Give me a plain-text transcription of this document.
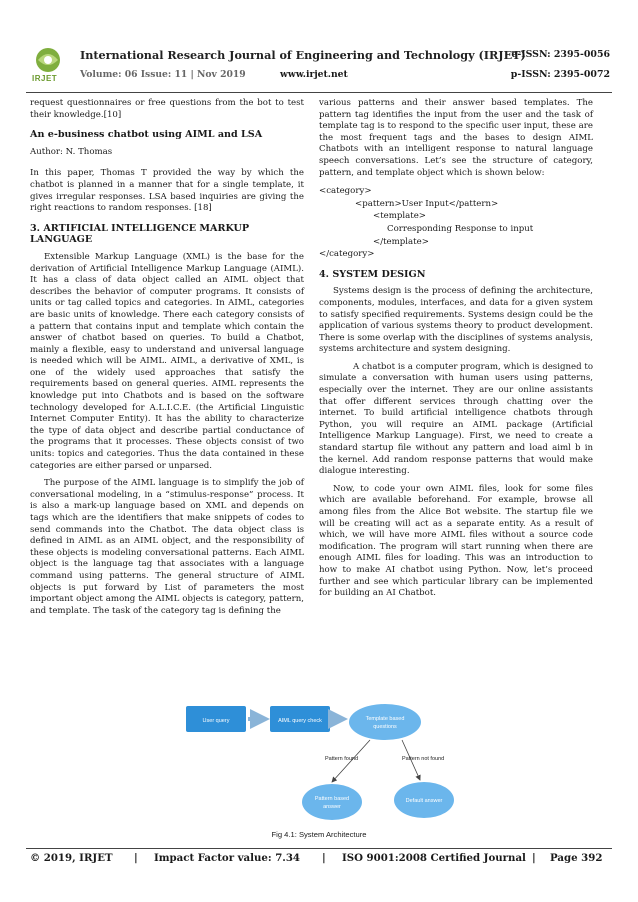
IRJET
International Research Journal of Engineering and Technology (IRJET)
e-ISSN: 2395-0056
Volume: 06 Issue: 11 | Nov 2019	www.irjet.net	p-ISSN: 2395-0072

request questionnaires or free questions from the bot to test their knowledge.[10]

An e-business chatbot using AIML and LSA

Author: N. Thomas

In this paper, Thomas T provided the way by which the chatbot is planned in a manner that for a single template, it gives irregular responses. LSA based inquiries are giving the right reactions to random responses. [18]

3. ARTIFICIAL INTELLIGENCE MARKUP LANGUAGE

Extensible Markup Language (XML) is the base for the derivation of Artificial Intelligence Markup Language (AIML). It has a class of data object called an AIML object that describes the behavior of computer programs. It consists of units or tag called topics and categories. In AIML, categories are basic units of knowledge. There each category consists of a pattern that contains input and template which contain the answer of chatbot based on queries. To build a Chatbot, mainly a flexible, easy to understand and universal language is needed which will be AIML. AIML, a derivative of XML, is one of the widely used approaches that satisfy the requirements based on general queries. AIML represents the knowledge put into Chatbots and is based on the software technology developed for A.L.I.C.E. (the Artificial Linguistic Internet Computer Entity). It has the ability to characterize the type of data object and describe partial conductance of the programs that it processes. These objects consist of two units: topics and categories. Thus the data contained in these categories are either parsed or unparsed.

The purpose of the AIML language is to simplify the job of conversational modeling, in a “stimulus-response” process. It is also a mark-up language based on XML and depends on tags which are the identifiers that make snippets of codes to send commands into the Chatbot. The data object class is defined in AIML as an AIML object, and the responsibility of these objects is modeling conversational patterns. Each AIML object is the language tag that associates with a language command using patterns. The general structure of AIML objects is put forward by List of parameters the most important object among the AIML objects is category, pattern, and template. The task of the category tag is defining the

various patterns and their answer based templates. The pattern tag identifies the input from the user and the task of template tag is to respond to the specific user input, these are the most frequent tags and the bases to design AIML Chatbots with an intelligent response to natural language speech conversations. Let’s see the structure of category, pattern, and template object which is shown below:

<category>
<pattern>User Input</pattern>
<template>
Corresponding Response to input
</template>
</category>
4. SYSTEM DESIGN

Systems design is the process of defining the architecture, components, modules, interfaces, and data for a given system to satisfy specified requirements. Systems design could be the application of various systems theory to product development. There is some overlap with the disciplines of systems analysis, systems architecture and system designing.

A chatbot is a computer program, which is designed to simulate a conversation with human users using patterns, especially over the internet. They are our online assistants that offer different services through chatting over the internet. To build artificial intelligence chatbots through Python, you will require an AIML package (Artificial Intelligence Markup Language). First, we need to create a standard startup file without any pattern and load aiml b in the kernel. Add random response patterns that would make dialogue interesting.

Now, to code your own AIML files, look for some files which are available beforehand. For example, browse all among files from the Alice Bot website. The startup file we will be creating will act as a separate entity. As a result of which, we will have more AIML files without a source code modification. The program will start running when there are enough AIML files for loading. This was an introduction to how to make AI chatbot using Python. Now, let’s proceed further and see which particular library can be implemented for building an AI Chatbot.

User query	AIML query check	Template based
questions
Pattern found	Pattern not found
Pattern based
answer
Default answer
Fig 4.1: System Architecture
© 2019, IRJET | Impact Factor value: 7.34 | ISO 9001:2008 Certified Journal | Page 392
